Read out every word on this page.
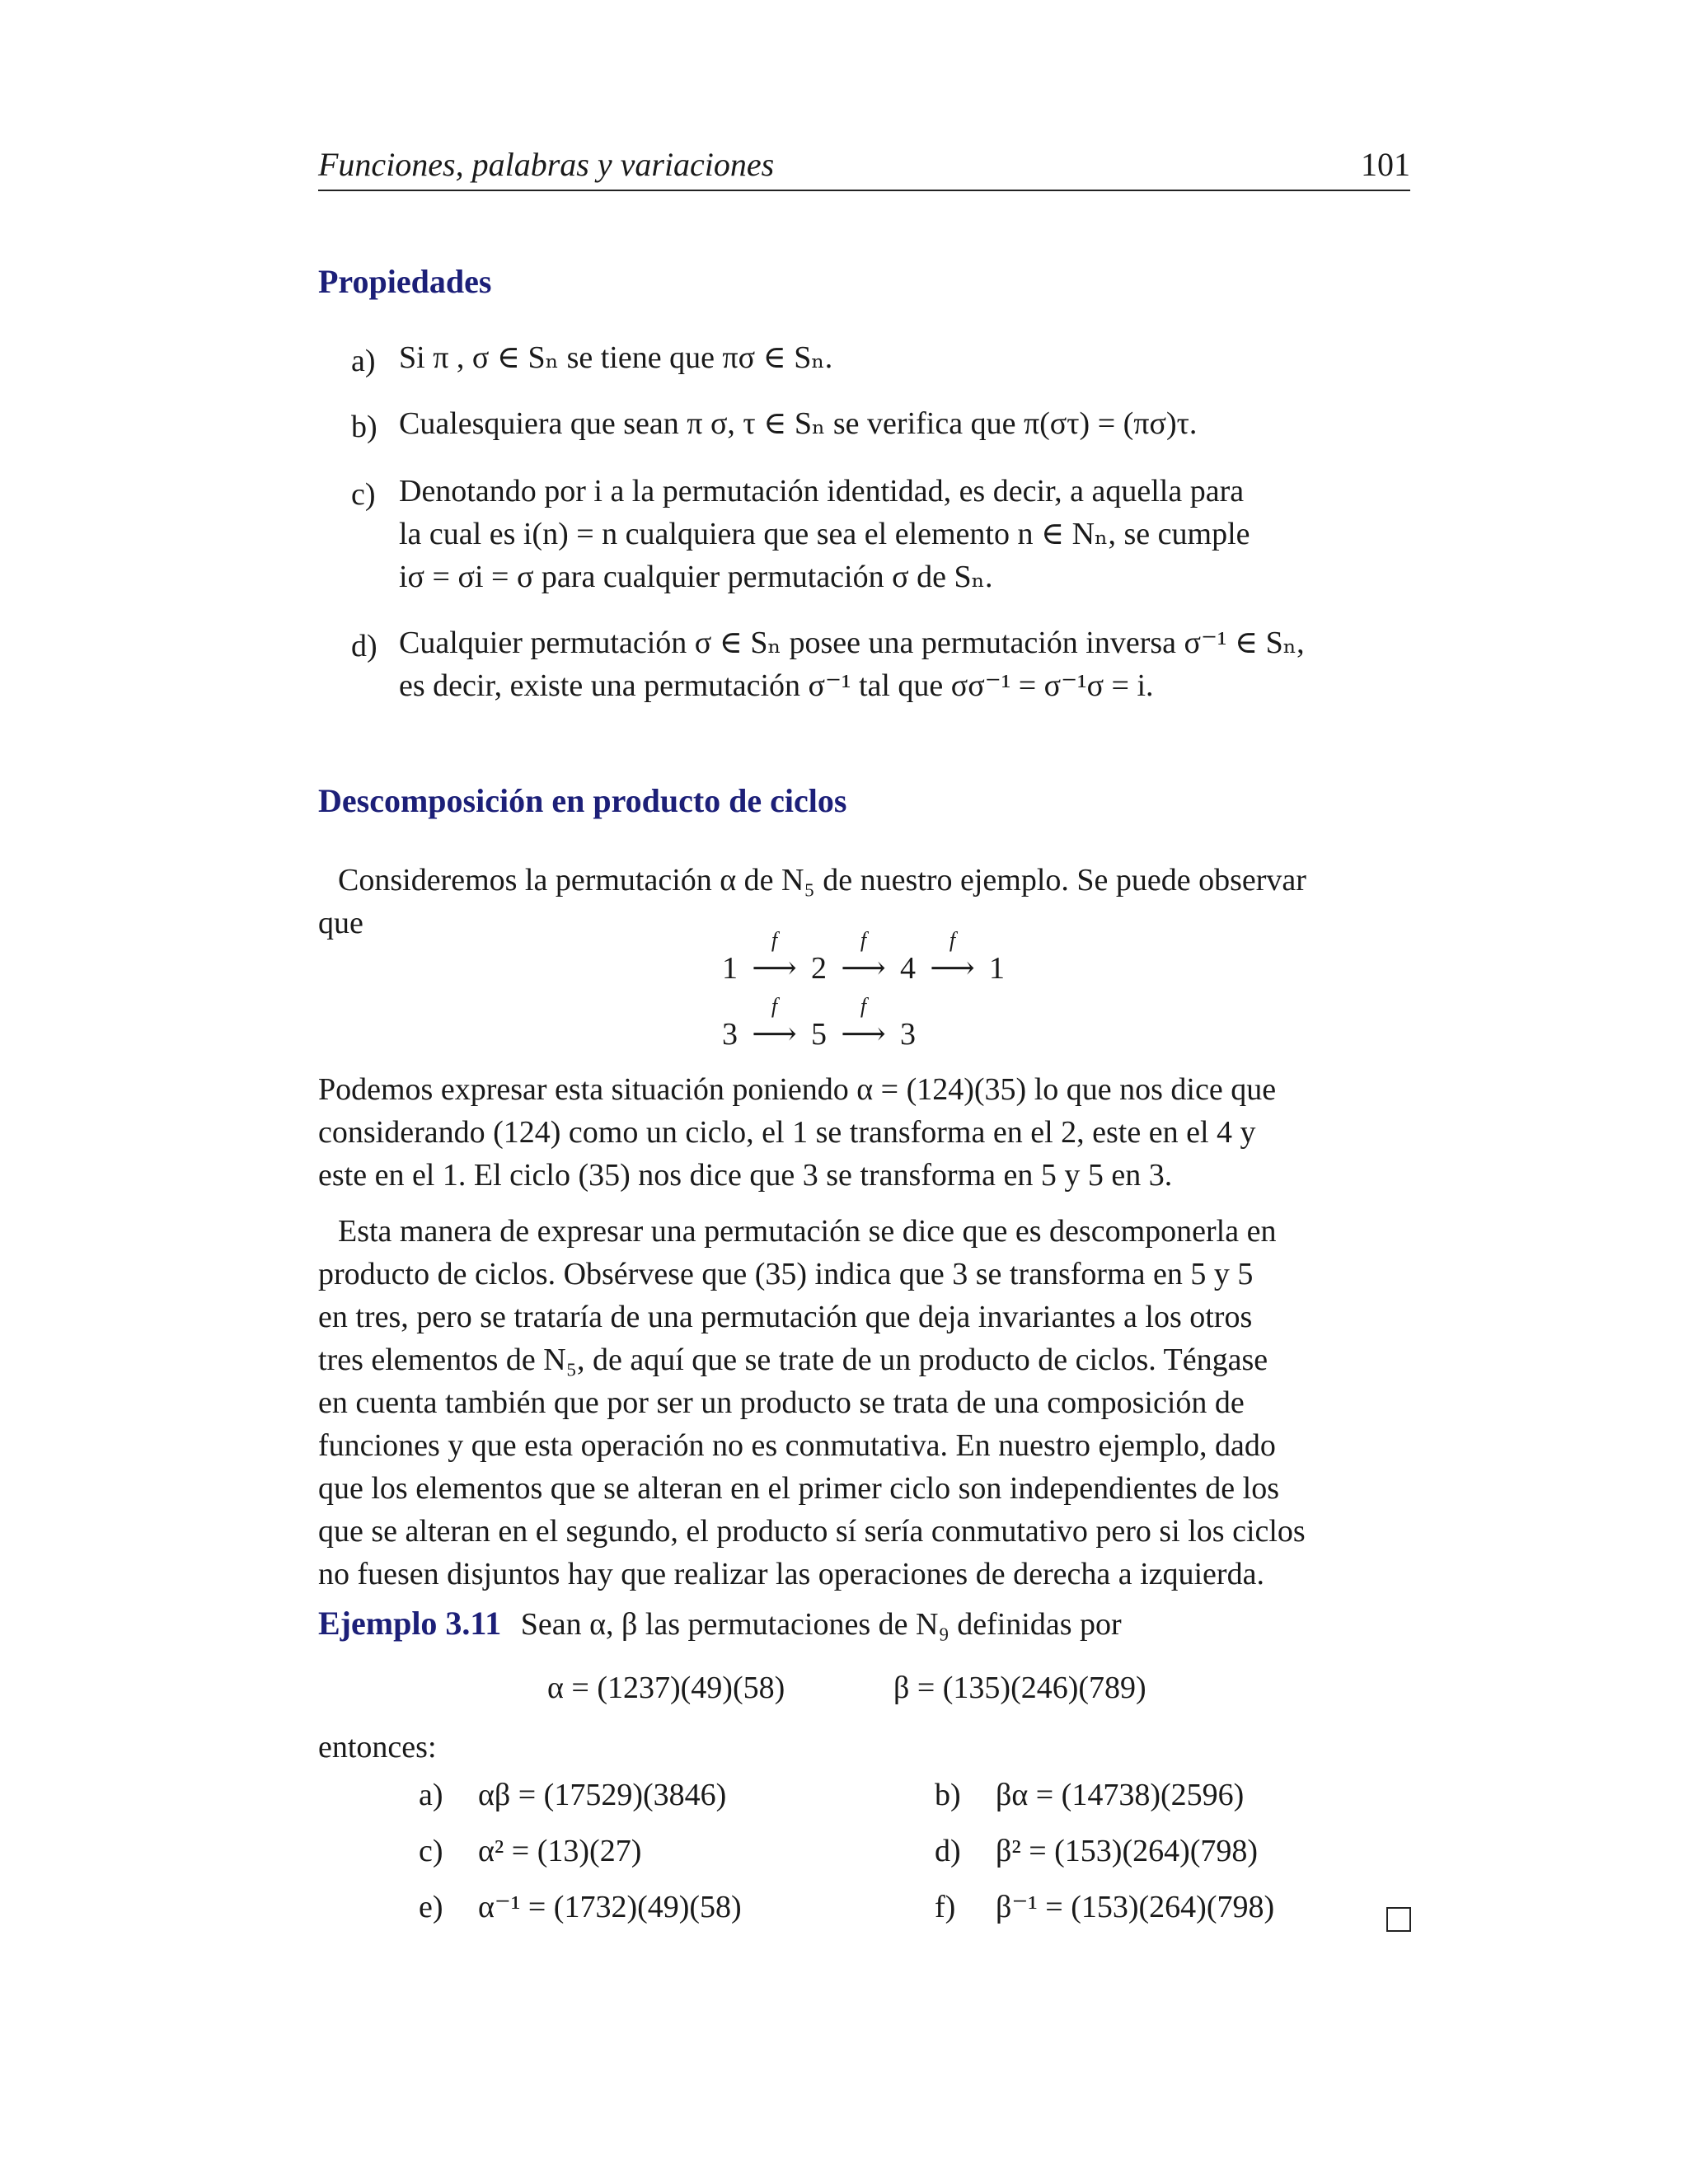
Funciones, palabras y variaciones	101
Propiedades
a) Si π , σ ∈ Sₙ se tiene que πσ ∈ Sₙ.
b) Cualesquiera que sean π σ, τ ∈ Sₙ se verifica que π(στ) = (πσ)τ.
c) Denotando por i a la permutación identidad, es decir, a aquella para
la cual es i(n) = n cualquiera que sea el elemento n ∈ Nₙ, se cumple
iσ = σi = σ para cualquier permutación σ de Sₙ.
d) Cualquier permutación σ ∈ Sₙ posee una permutación inversa σ⁻¹ ∈ Sₙ,
es decir, existe una permutación σ⁻¹ tal que σσ⁻¹ = σ⁻¹σ = i.
Descomposición en producto de ciclos
Consideremos la permutación α de N₅ de nuestro ejemplo. Se puede observar
que
1
f
⟶ 2
f
⟶ 4
f
⟶ 1
3
f
⟶ 5
f
⟶ 3
Podemos expresar esta situación poniendo α = (124)(35) lo que nos dice que
considerando (124) como un ciclo, el 1 se transforma en el 2, este en el 4 y
este en el 1. El ciclo (35) nos dice que 3 se transforma en 5 y 5 en 3.
Esta manera de expresar una permutación se dice que es descomponerla en
producto de ciclos. Obsérvese que (35) indica que 3 se transforma en 5 y 5
en tres, pero se trataría de una permutación que deja invariantes a los otros
tres elementos de N₅, de aquí que se trate de un producto de ciclos. Téngase
en cuenta también que por ser un producto se trata de una composición de
funciones y que esta operación no es conmutativa. En nuestro ejemplo, dado
que los elementos que se alteran en el primer ciclo son independientes de los
que se alteran en el segundo, el producto sí sería conmutativo pero si los ciclos
no fuesen disjuntos hay que realizar las operaciones de derecha a izquierda.
Ejemplo 3.11 Sean α, β las permutaciones de N₉ definidas por
α = (1237)(49)(58)	β = (135)(246)(789)
entonces:
a) αβ = (17529)(3846)	b) βα = (14738)(2596)
c) α² = (13)(27)	d) β² = (153)(264)(798)
e) α⁻¹ = (1732)(49)(58)	f) β⁻¹ = (153)(264)(798)
